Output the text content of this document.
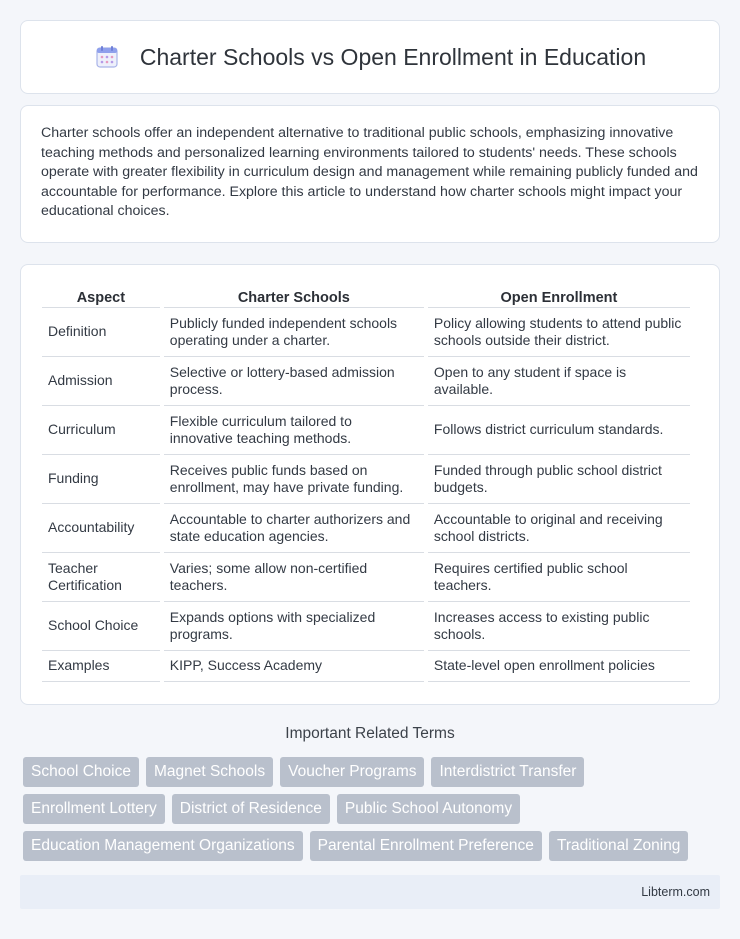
Charter Schools vs Open Enrollment in Education

Charter schools offer an independent alternative to traditional public schools, emphasizing innovative teaching methods and personalized learning environments tailored to students' needs. These schools operate with greater flexibility in curriculum design and management while remaining publicly funded and accountable for performance. Explore this article to understand how charter schools might impact your educational choices.

Aspect	Charter Schools	Open Enrollment
Definition	Publicly funded independent schools operating under a charter.	Policy allowing students to attend public schools outside their district.
Admission	Selective or lottery-based admission process.	Open to any student if space is available.
Curriculum	Flexible curriculum tailored to innovative teaching methods.	Follows district curriculum standards.
Funding	Receives public funds based on enrollment, may have private funding.	Funded through public school district budgets.
Accountability	Accountable to charter authorizers and state education agencies.	Accountable to original and receiving school districts.
Teacher Certification	Varies; some allow non-certified teachers.	Requires certified public school teachers.
School Choice	Expands options with specialized programs.	Increases access to existing public schools.
Examples	KIPP, Success Academy	State-level open enrollment policies
Important Related Terms
School Choice	Magnet Schools	Voucher Programs	Interdistrict Transfer
Enrollment Lottery	District of Residence	Public School Autonomy
Education Management Organizations	Parental Enrollment Preference	Traditional Zoning
Libterm.com
